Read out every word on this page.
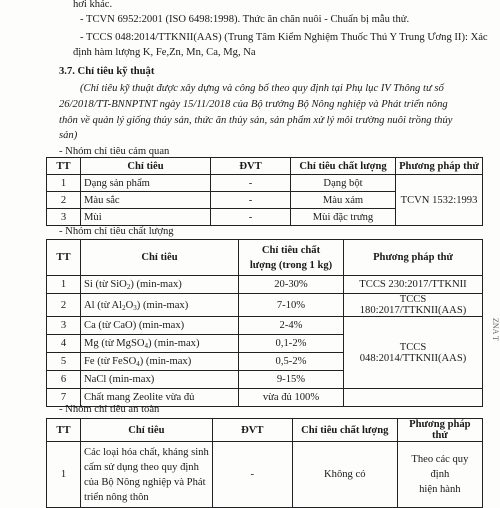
hơi khác.
- TCVN 6952:2001 (ISO 6498:1998). Thức ăn chăn nuôi - Chuẩn bị mẫu thử.
- TCCS 048:2014/TTKNII(AAS) (Trung Tâm Kiểm Nghiệm Thuốc Thú Y Trung Ương II): Xác
định hàm lượng K, Fe,Zn, Mn, Ca, Mg, Na
3.7. Chỉ tiêu kỹ thuật
(Chỉ tiêu kỹ thuật được xây dựng và công bố theo quy định tại Phụ lục IV Thông tư số
26/2018/TT-BNNPTNT ngày 15/11/2018 của Bộ trưởng Bộ Nông nghiệp và Phát triển nông
thôn về quản lý giống thủy sản, thức ăn thủy sản, sản phẩm xử lý môi trường nuôi trồng thủy
sản)
- Nhóm chỉ tiêu cảm quan
TT	Chỉ tiêu	ĐVT	Chỉ tiêu chất lượng	Phương pháp thử
1	Dạng sản phẩm	-	Dạng bột	TCVN 1532:1993
2	Màu sắc	-	Màu xám	
3	Mùi	-	Mùi đặc trưng	
- Nhóm chỉ tiêu chất lượng
TT	Chỉ tiêu	Chỉ tiêu chất
lượng (trong 1 kg)	Phương pháp thử
1	Si (từ SiO$_2$) (min-max)	20-30%	TCCS 230:2017/TTKNII
2	Al (từ $Al_2O_3$) (min-max)	7-10%	TCCS 180:2017/TTKNII(AAS)
3	Ca (từ CaO) (min-max)	2-4%	TCCS 048:2014/TTKNII(AAS)
4	Mg (từ MgSO$_4$) (min-max)	0,1-2%	
5	Fe (từ FeSO$_4$) (min-max)	0,5-2%	
6	NaCl (min-max)	9-15%	
7	Chất mang Zeolite vừa đủ	vừa đủ 100%	
- Nhóm chỉ tiêu an toàn
TT	Chỉ tiêu	ĐVT	Chỉ tiêu chất lượng	Phương pháp thử
1	Các loại hóa chất, kháng sinh
cấm sử dụng theo quy định
của Bộ Nông nghiệp và Phát
triển nông thôn	-	Không có	Theo các quy định
hiện hành
ZNA T
